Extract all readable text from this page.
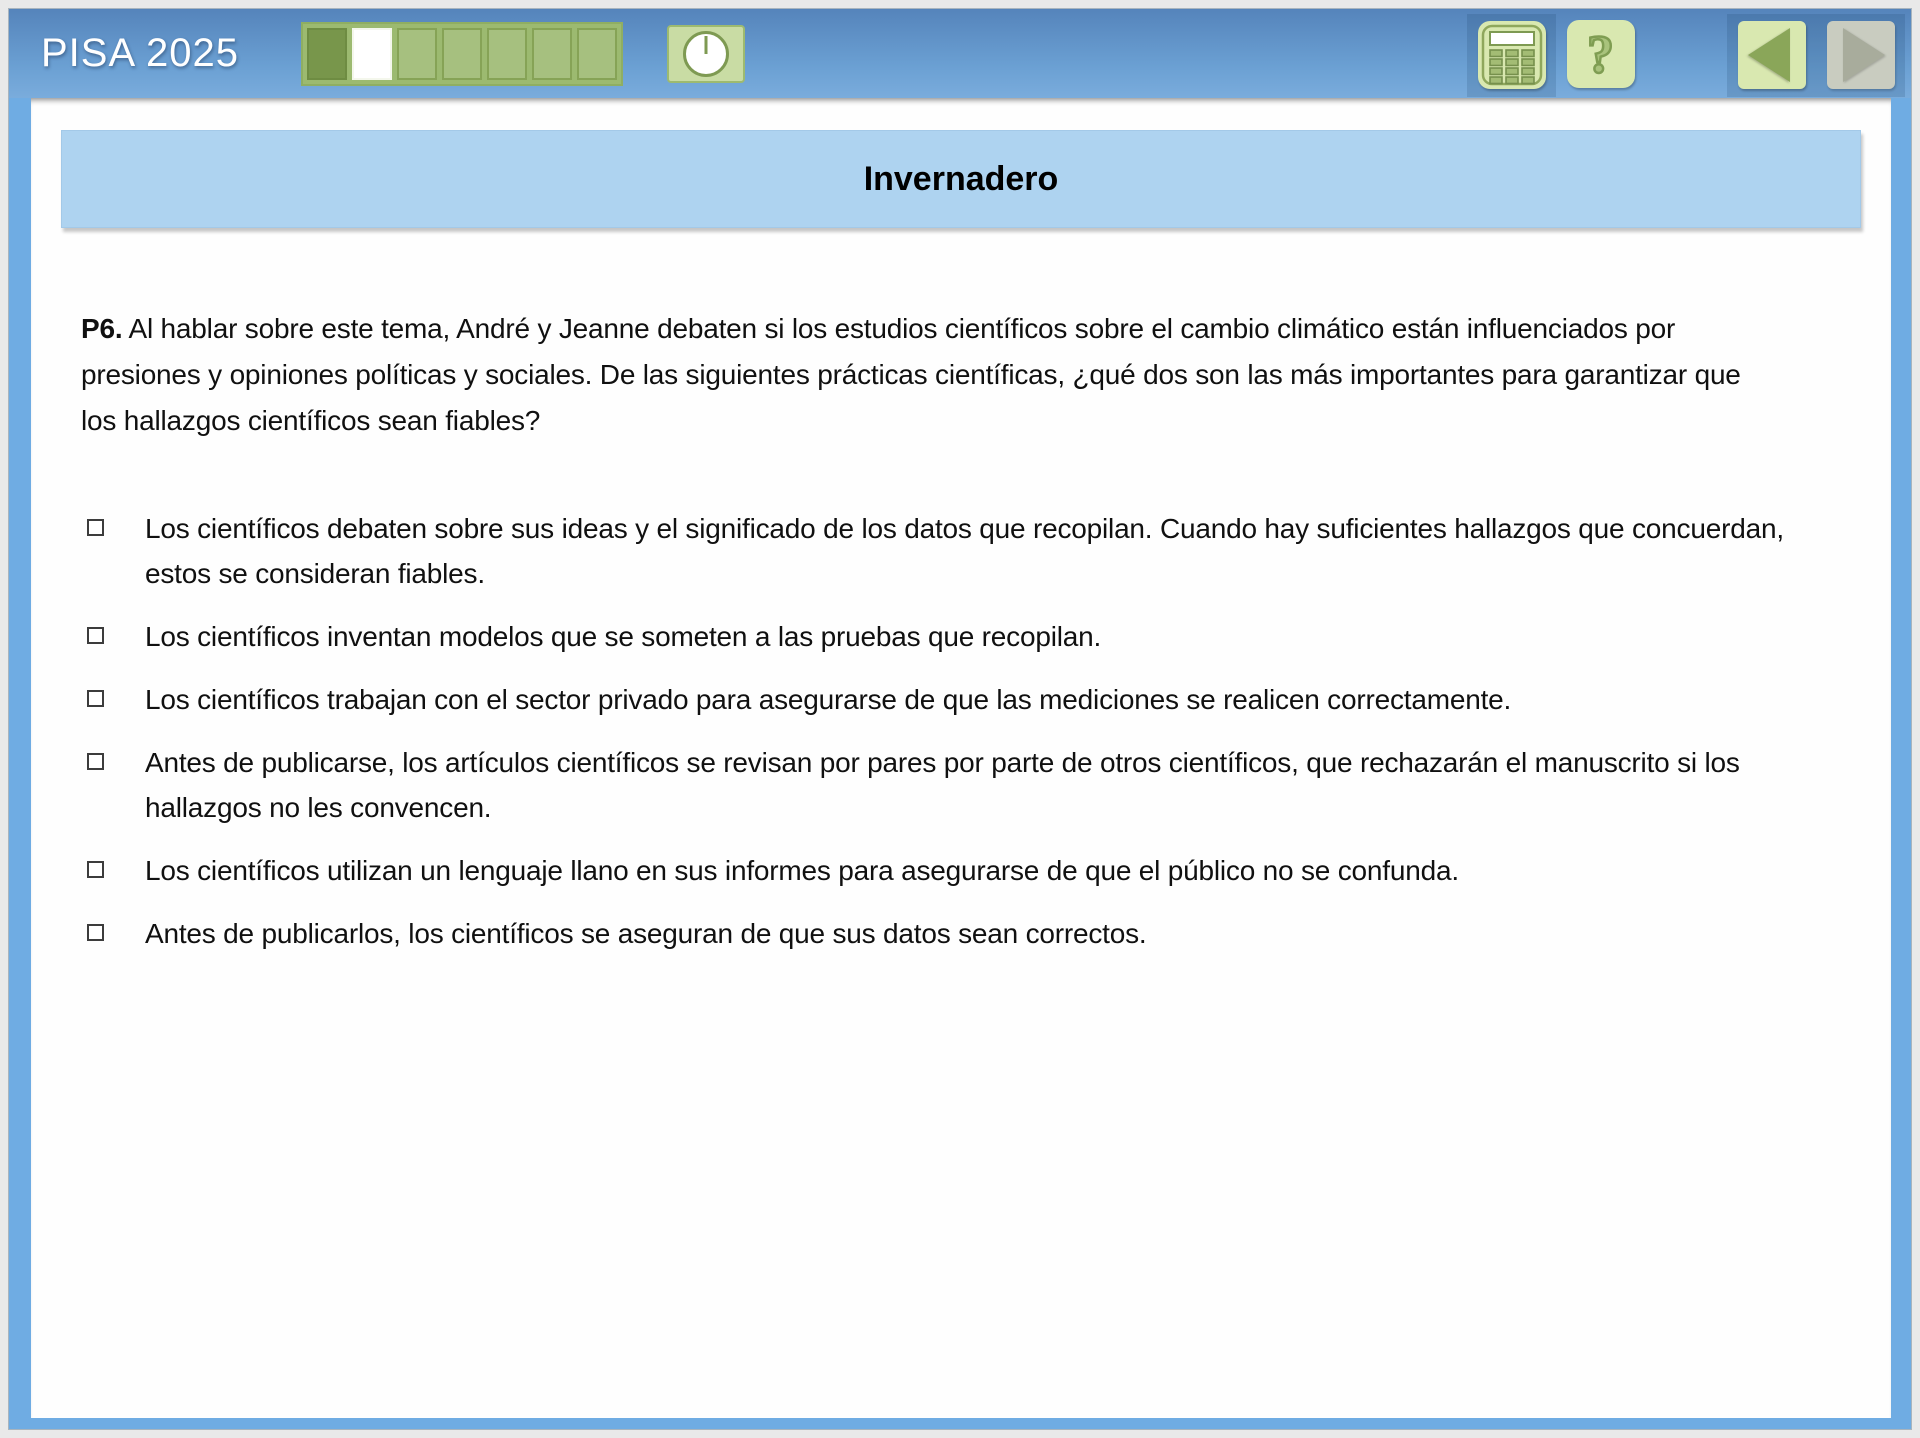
PISA 2025	?
Invernadero

P6. Al hablar sobre este tema, André y Jeanne debaten si los estudios científicos sobre el cambio climático están influenciados por presiones y opiniones políticas y sociales. De las siguientes prácticas científicas, ¿qué dos son las más importantes para garantizar que los hallazgos científicos sean fiables?

Los científicos debaten sobre sus ideas y el significado de los datos que recopilan. Cuando hay suficientes hallazgos que concuerdan, estos se consideran fiables.
Los científicos inventan modelos que se someten a las pruebas que recopilan.
Los científicos trabajan con el sector privado para asegurarse de que las mediciones se realicen correctamente.
Antes de publicarse, los artículos científicos se revisan por pares por parte de otros científicos, que rechazarán el manuscrito si los hallazgos no les convencen.
Los científicos utilizan un lenguaje llano en sus informes para asegurarse de que el público no se confunda.
Antes de publicarlos, los científicos se aseguran de que sus datos sean correctos.
